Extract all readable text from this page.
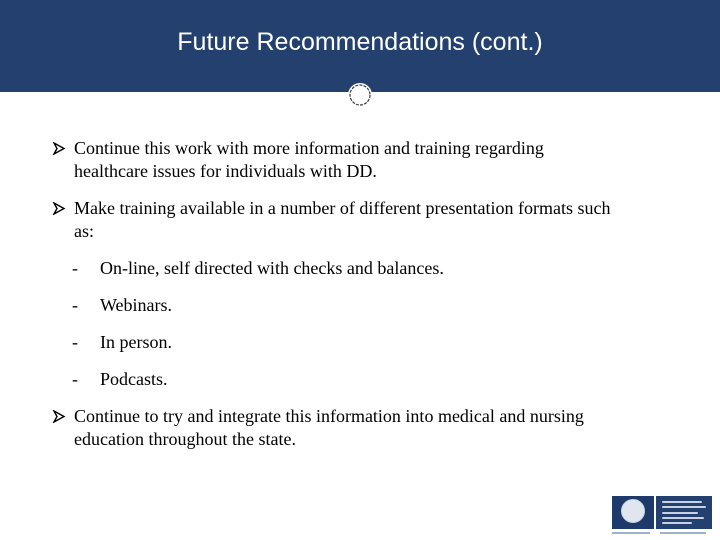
Future Recommendations (cont.)
Continue this work with more information and training regarding healthcare issues for individuals with DD.
Make training available in a number of different presentation formats such as:
- On-line, self directed with checks and balances.
- Webinars.
- In person.
- Podcasts.
Continue to try and integrate this information into medical and nursing education throughout the state.
